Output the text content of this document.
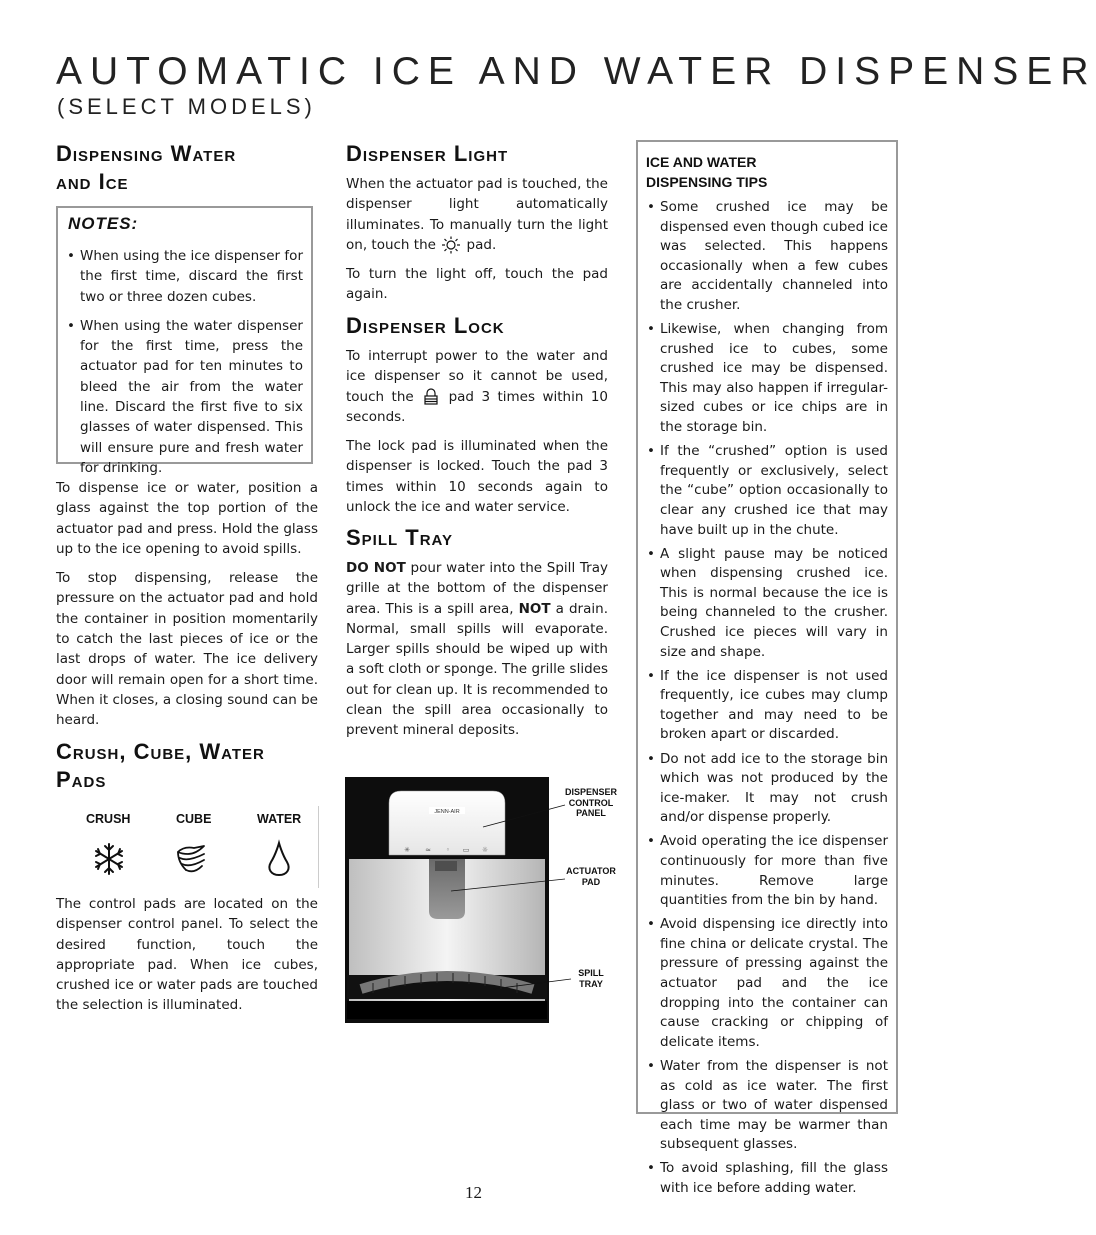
AUTOMATIC ICE AND WATER DISPENSER
(SELECT MODELS)
Dispensing Water
and Ice
NOTES:
• When using the ice dispenser for the first time, discard the first two or three dozen cubes.
• When using the water dispenser for the first time, press the actuator pad for ten minutes to bleed the air from the water line. Discard the first five to six glasses of water dispensed. This will ensure pure and fresh water for drinking.

To dispense ice or water, position a glass against the top portion of the actuator pad and press. Hold the glass up to the ice opening to avoid spills.

To stop dispensing, release the pressure on the actuator pad and hold the container in position momentarily to catch the last pieces of ice or the last drops of water. The ice delivery door will remain open for a short time. When it closes, a closing sound can be heard.

Crush, Cube, Water
Pads
CRUSH	CUBE	WATER

The control pads are located on the dispenser control panel. To select the desired function, touch the appropriate pad. When ice cubes, crushed ice or water pads are touched the selection is illuminated.

Dispenser Light

When the actuator pad is touched, the dispenser light automatically illuminates. To manually turn the light on, touch the pad.

To turn the light off, touch the pad again.

Dispenser Lock

To interrupt power to the water and ice dispenser so it cannot be used, touch the	pad 3 times within 10 seconds.

The lock pad is illuminated when the dispenser is locked. Touch the pad 3 times within 10 seconds again to unlock the ice and water service.

Spill Tray

DO NOT pour water into the Spill Tray grille at the bottom of the dispenser area. This is a spill area, NOT a drain. Normal, small spills will evaporate. Larger spills should be wiped up with a soft cloth or sponge. The grille slides out for clean up. It is recommended to clean the spill area occasionally to prevent mineral deposits.

JENN-AIR
✳ ≈ ◦ ▭ ☼
DISPENSER
CONTROL
PANEL
ACTUATOR
PAD
SPILL
TRAY
ICE AND WATER
DISPENSING TIPS
• Some crushed ice may be dispensed even though cubed ice was selected. This happens occasionally when a few cubes are accidentally channeled into the crusher.
• Likewise, when changing from crushed ice to cubes, some crushed ice may be dispensed. This may also happen if irregular-sized cubes or ice chips are in the storage bin.
• If the “crushed” option is used frequently or exclusively, select the “cube” option occasionally to clear any crushed ice that may have built up in the chute.
• A slight pause may be noticed when dispensing crushed ice. This is normal because the ice is being channeled to the crusher. Crushed ice pieces will vary in size and shape.
• If the ice dispenser is not used frequently, ice cubes may clump together and may need to be broken apart or discarded.
• Do not add ice to the storage bin which was not produced by the ice-maker. It may not crush and/or dispense properly.
• Avoid operating the ice dispenser continuously for more than five minutes. Remove large quantities from the bin by hand.
• Avoid dispensing ice directly into fine china or delicate crystal. The pressure of pressing against the actuator pad and the ice dropping into the container can cause cracking or chipping of delicate items.
• Water from the dispenser is not as cold as ice water. The first glass or two of water dispensed each time may be warmer than subsequent glasses.
• To avoid splashing, fill the glass with ice before adding water.
12
